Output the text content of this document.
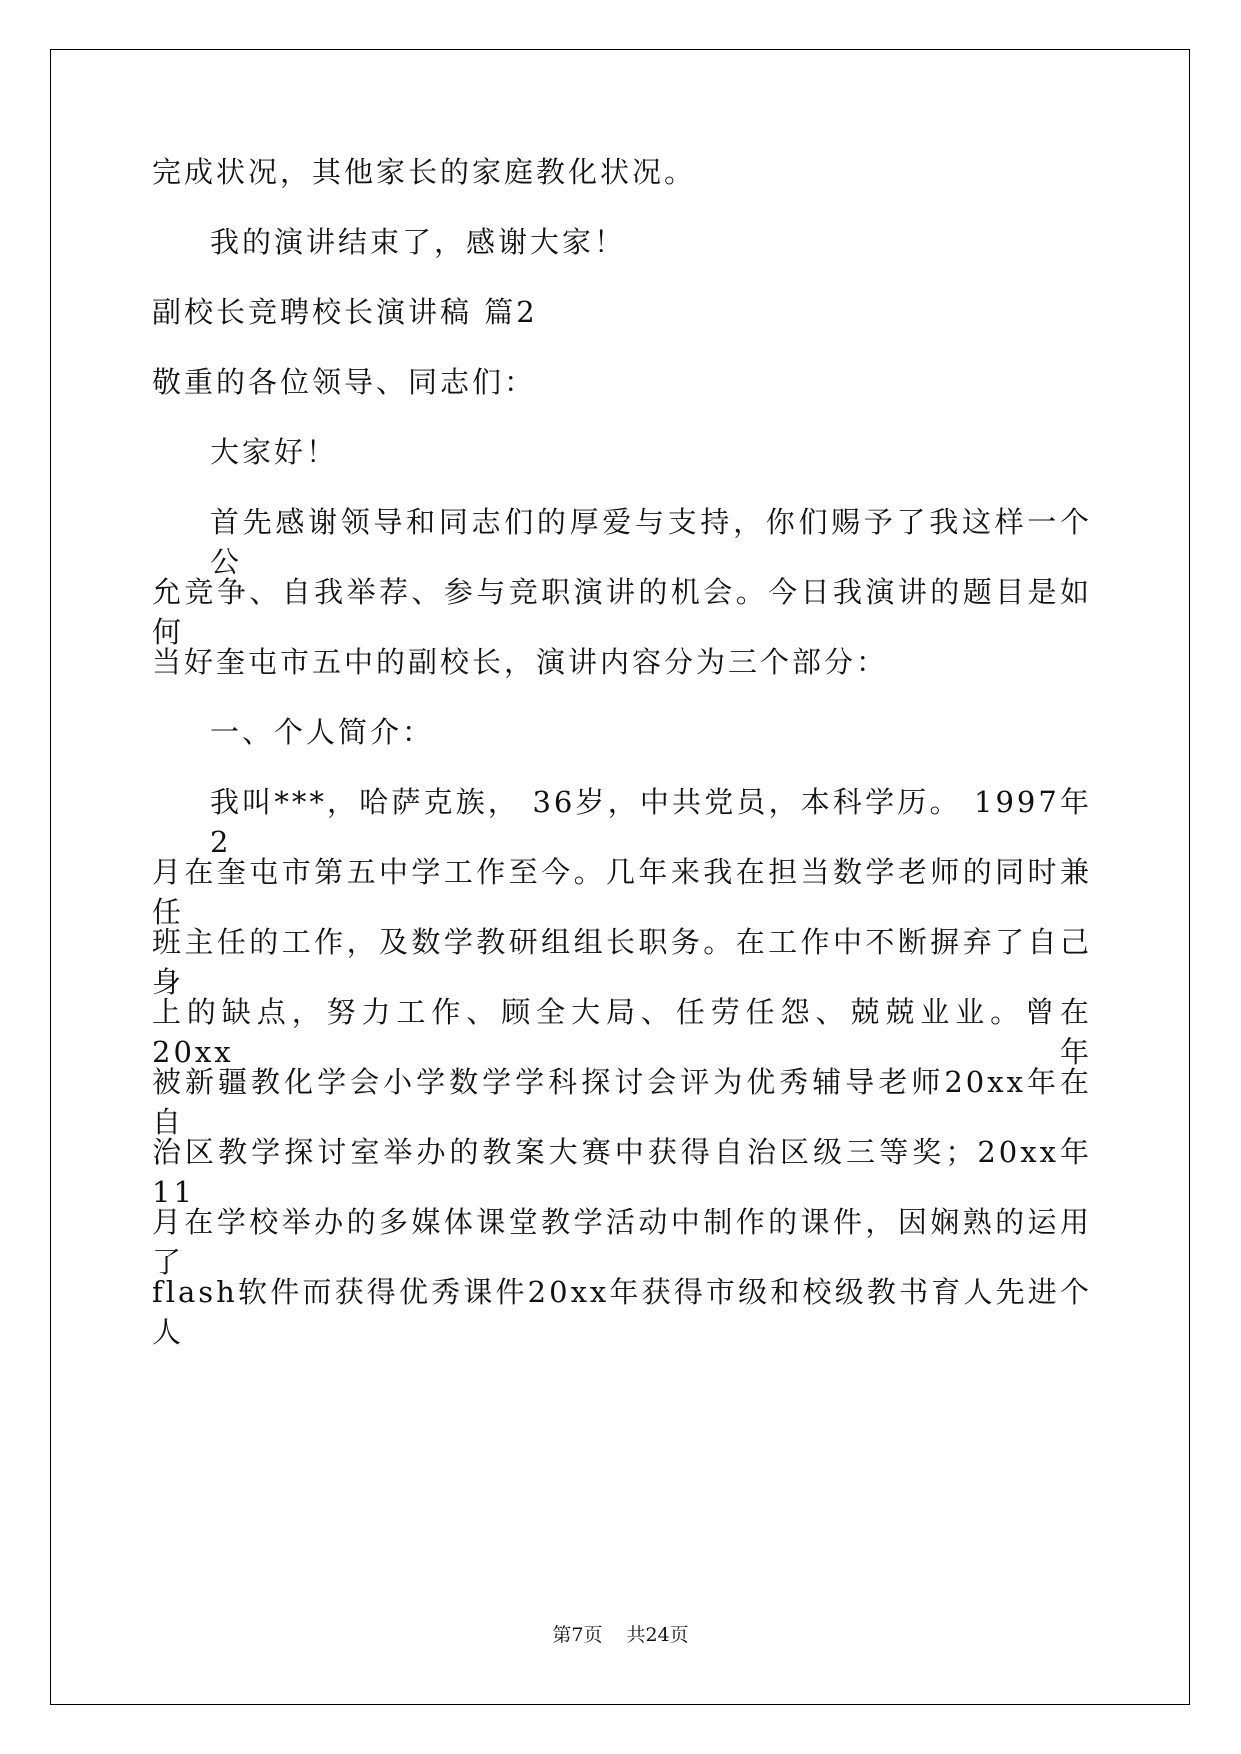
完成状况，其他家长的家庭教化状况。
我的演讲结束了，感谢大家！
副校长竞聘校长演讲稿 篇2
敬重的各位领导、同志们：
大家好！
首先感谢领导和同志们的厚爱与支持，你们赐予了我这样一个公
允竞争、自我举荐、参与竞职演讲的机会。今日我演讲的题目是如何
当好奎屯市五中的副校长，演讲内容分为三个部分：
一、个人简介：
我叫***，哈萨克族， 36岁，中共党员，本科学历。 1997年2
月在奎屯市第五中学工作至今。几年来我在担当数学老师的同时兼任
班主任的工作，及数学教研组组长职务。在工作中不断摒弃了自己身
上的缺点，努力工作、顾全大局、任劳任怨、兢兢业业。曾在20xx年
被新疆教化学会小学数学学科探讨会评为优秀辅导老师20xx年在自
治区教学探讨室举办的教案大赛中获得自治区级三等奖；20xx年11
月在学校举办的多媒体课堂教学活动中制作的课件，因娴熟的运用了
flash软件而获得优秀课件20xx年获得市级和校级教书育人先进个人
第7页 共24页
